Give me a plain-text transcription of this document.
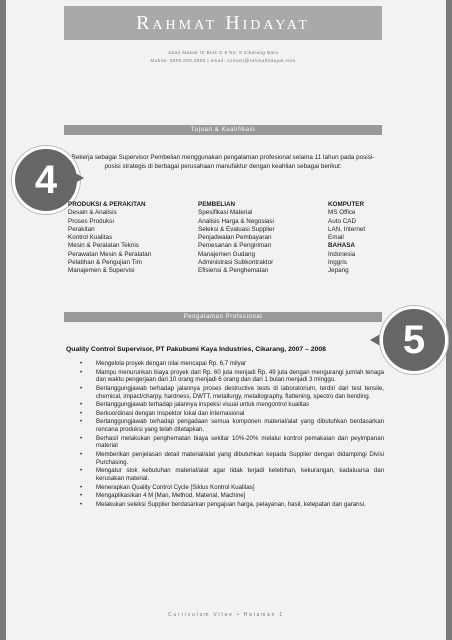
Rahmat Hidayat
Jalan Mawar IX Blok G 9 No. 9 Cikarang Baru
Mobile: 0000.000.0000 | email: contact@rahmathidayat.com
Tujuan & Kualifikasi
Bekerja sebagai Supervisor Pembelian menggunakan pengalaman profesional selama 11 tahun pada posisi-posisi strategis di berbagai perusahaan manufaktur dengan keahlian sebagai berikut:
4
PRODUKSI & PERAKITAN
Desain & Analisis
Proses Produksi
Perakitan
Kontrol Kualitas
Mesin & Peralatan Teknis
Perawatan Mesin & Peralatan
Pelatihan & Pengujian Tim
Manajemen & Supervisi
PEMBELIAN
Spesifikasi Material
Analisis Harga & Negosiasi
Seleksi & Evaluasi Supplier
Penjadwalan Pembayaran
Pemesanan & Pengiriman
Manajemen Gudang
Administrasi Subkontraktor
Efisiensi & Penghematan
KOMPUTER
MS Office
Auto CAD
LAN, Internet
Email
BAHASA
Indonesia
Inggris
Jepang
Pengalaman Profesional
5
Quality Control Supervisor, PT Pakubumi Kaya Industries, Cikarang, 2007 – 2008
• Mengelola proyek dengan nilai mencapai Rp. 6,7 milyar
• Mampu menurunkan biaya proyek dari Rp. 60 juta menjadi Rp. 49 juta dengan mengurangi jumlah tenaga dan waktu pengerjaan dari 10 orang menjadi 6 orang dan dari 1 bulan menjadi 3 minggu.
• Bertanggungjawab terhadap jalannya proses destructive tests di laboratorium, terdiri dari test tensile, chemical, impact/charpy, hardness, DWTT, metallurgy, metallography, flattening, spectro dan bending.
• Bertanggungjawab terhadap jalannya inspeksi visual untuk mengontrol kualitas
• Berkoordinasi dengan Inspektor lokal dan internasional
• Bertanggungjawab terhadap pengadaan semua komponen material/alat yang dibutuhkan berdasarkan rencana produksi yang telah ditetapkan.
• Berhasil melakukan penghematan biaya sekitar 10%-20% melalui kontrol pemakaian dan peyimpanan material
• Memberikan penjelasan detail material/alat yang dibutuhkan kepada Supplier dengan didampingi Divisi Purchasing.
• Mengatur stok kebutuhan material/alat agar tidak terjadi kelebihan, kekurangan, kadaluarsa dan kerusakan material.
• Menerapkan Quality Control Cycle [Siklus Kontrol Kualitas]
• Mengaplikasikan 4 M [Man, Method, Material, Machine]
• Melakukan seleksi Supplier berdasarkan pengajuan harga, pelayanan, hasil, ketepatan dan garansi.
Curriculum Vitae • Halaman 1
